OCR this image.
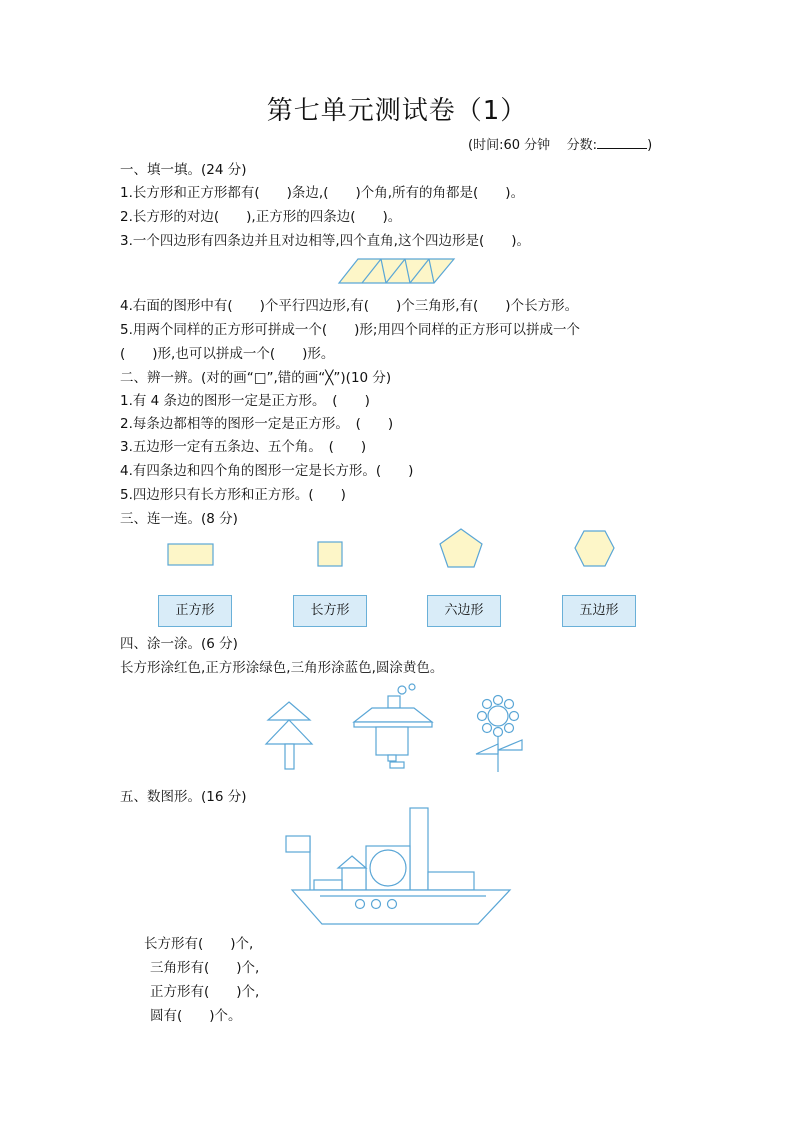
第七单元测试卷（1）
(时间:60 分钟 分数:	)
一、填一填。(24 分)
1.长方形和正方形都有(　　)条边,(　　)个角,所有的角都是(　　)。
2.长方形的对边(　　),正方形的四条边(　　)。
3.一个四边形有四条边并且对边相等,四个直角,这个四边形是(　　)。
4.右面的图形中有(　　)个平行四边形,有(　　)个三角形,有(　　)个长方形。
5.用两个同样的正方形可拼成一个(　　)形;用四个同样的正方形可以拼成一个
(　　)形,也可以拼成一个(　　)形。
二、辨一辨。(对的画“□”,错的画“╳”)(10 分)
1.有 4 条边的图形一定是正方形。　(　　)
2.每条边都相等的图形一定是正方形。　(　　)
3.五边形一定有五条边、五个角。　(　　)
4.有四条边和四个角的图形一定是长方形。(　　)
5.四边形只有长方形和正方形。(　　)
三、连一连。(8 分)
正方形	长方形	六边形	五边形
四、涂一涂。(6 分)
长方形涂红色,正方形涂绿色,三角形涂蓝色,圆涂黄色。
五、数图形。(16 分)
长方形有(　　)个,
三角形有(　　)个,
正方形有(　　)个,
圆有(　　)个。
